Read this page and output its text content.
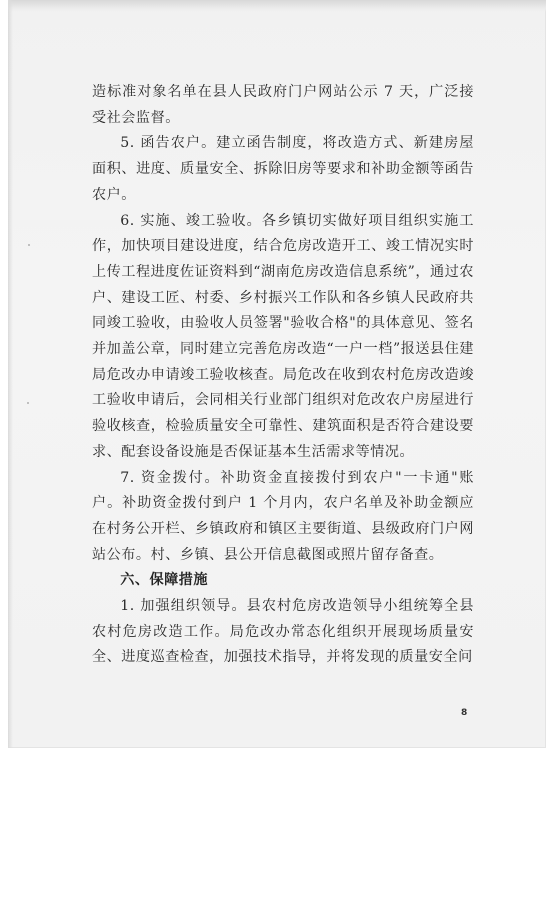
造标准对象名单在县人民政府门户网站公示 7 天，广泛接受社会监督。

5. 函告农户。建立函告制度，将改造方式、新建房屋面积、进度、质量安全、拆除旧房等要求和补助金额等函告农户。

6. 实施、竣工验收。各乡镇切实做好项目组织实施工作，加快项目建设进度，结合危房改造开工、竣工情况实时上传工程进度佐证资料到“湖南危房改造信息系统”，通过农户、建设工匠、村委、乡村振兴工作队和各乡镇人民政府共同竣工验收，由验收人员签署"验收合格"的具体意见、签名并加盖公章，同时建立完善危房改造“一户一档”报送县住建局危改办申请竣工验收核查。局危改在收到农村危房改造竣工验收申请后，会同相关行业部门组织对危改农户房屋进行验收核查，检验质量安全可靠性、建筑面积是否符合建设要求、配套设备设施是否保证基本生活需求等情况。

7. 资金拨付。补助资金直接拨付到农户"一卡通"账户。补助资金拨付到户 1 个月内，农户名单及补助金额应在村务公开栏、乡镇政府和镇区主要街道、县级政府门户网站公布。村、乡镇、县公开信息截图或照片留存备查。

六、保障措施

1. 加强组织领导。县农村危房改造领导小组统筹全县农村危房改造工作。局危改办常态化组织开展现场质量安全、进度巡查检查，加强技术指导，并将发现的质量安全问

8
